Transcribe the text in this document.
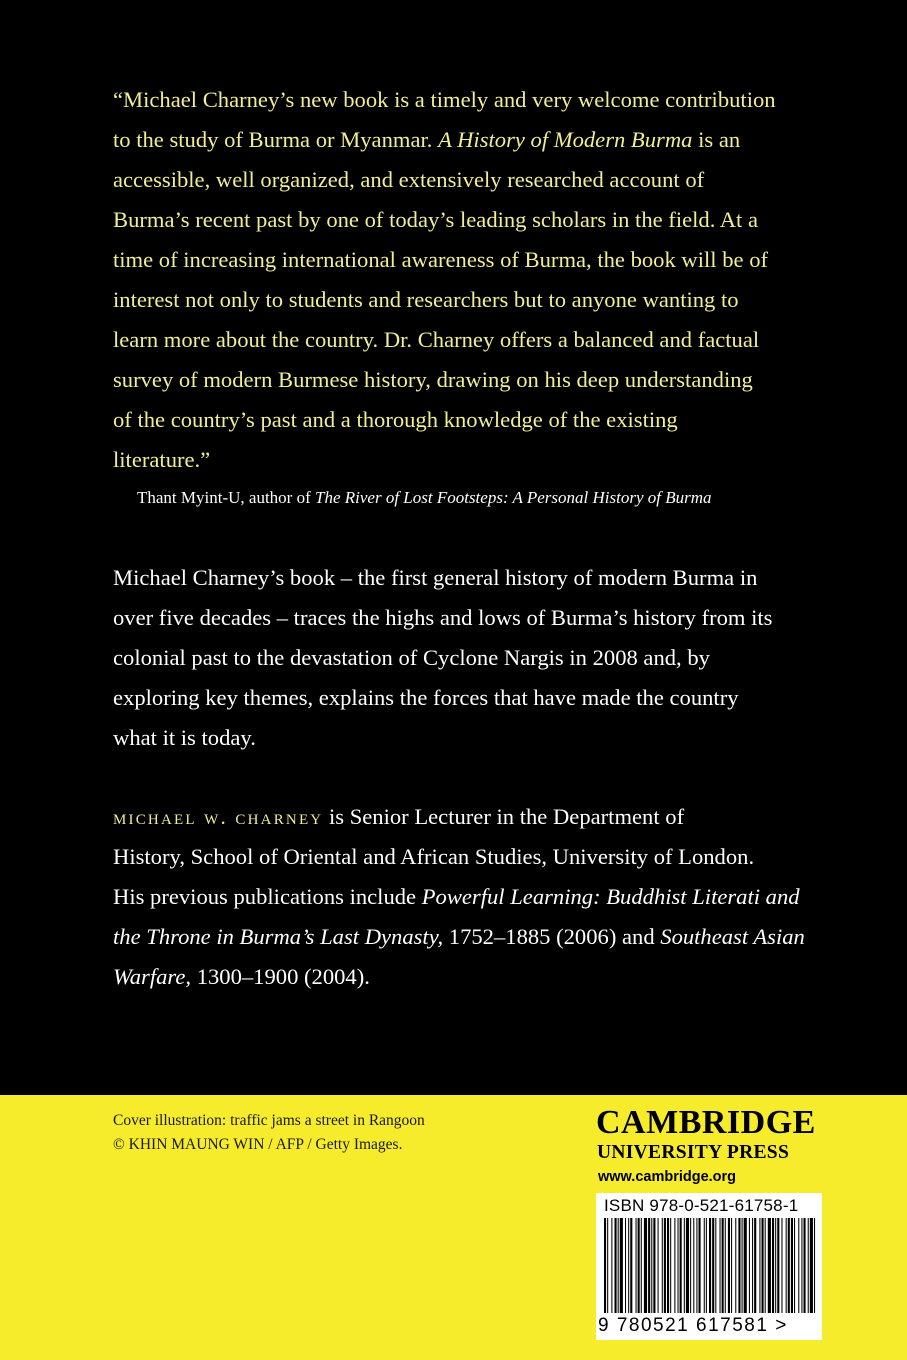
“Michael Charney’s new book is a timely and very welcome contribution

to the study of Burma or Myanmar. A History of Modern Burma is an

accessible, well organized, and extensively researched account of

Burma’s recent past by one of today’s leading scholars in the field. At a

time of increasing international awareness of Burma, the book will be of

interest not only to students and researchers but to anyone wanting to

learn more about the country. Dr. Charney offers a balanced and factual

survey of modern Burmese history, drawing on his deep understanding

of the country’s past and a thorough knowledge of the existing

literature.”

Thant Myint-U, author of The River of Lost Footsteps: A Personal History of Burma

Michael Charney’s book – the first general history of modern Burma in

over five decades – traces the highs and lows of Burma’s history from its

colonial past to the devastation of Cyclone Nargis in 2008 and, by

exploring key themes, explains the forces that have made the country

what it is today.

michael w. charney is Senior Lecturer in the Department of

History, School of Oriental and African Studies, University of London.

His previous publications include Powerful Learning: Buddhist Literati and

the Throne in Burma’s Last Dynasty, 1752–1885 (2006) and Southeast Asian

Warfare, 1300–1900 (2004).

Cover illustration: traffic jams a street in Rangoon

© KHIN MAUNG WIN / AFP / Getty Images.

CAMBRIDGE
UNIVERSITY PRESS
www.cambridge.org
ISBN 978-0-521-61758-1
9 780521 617581 >
